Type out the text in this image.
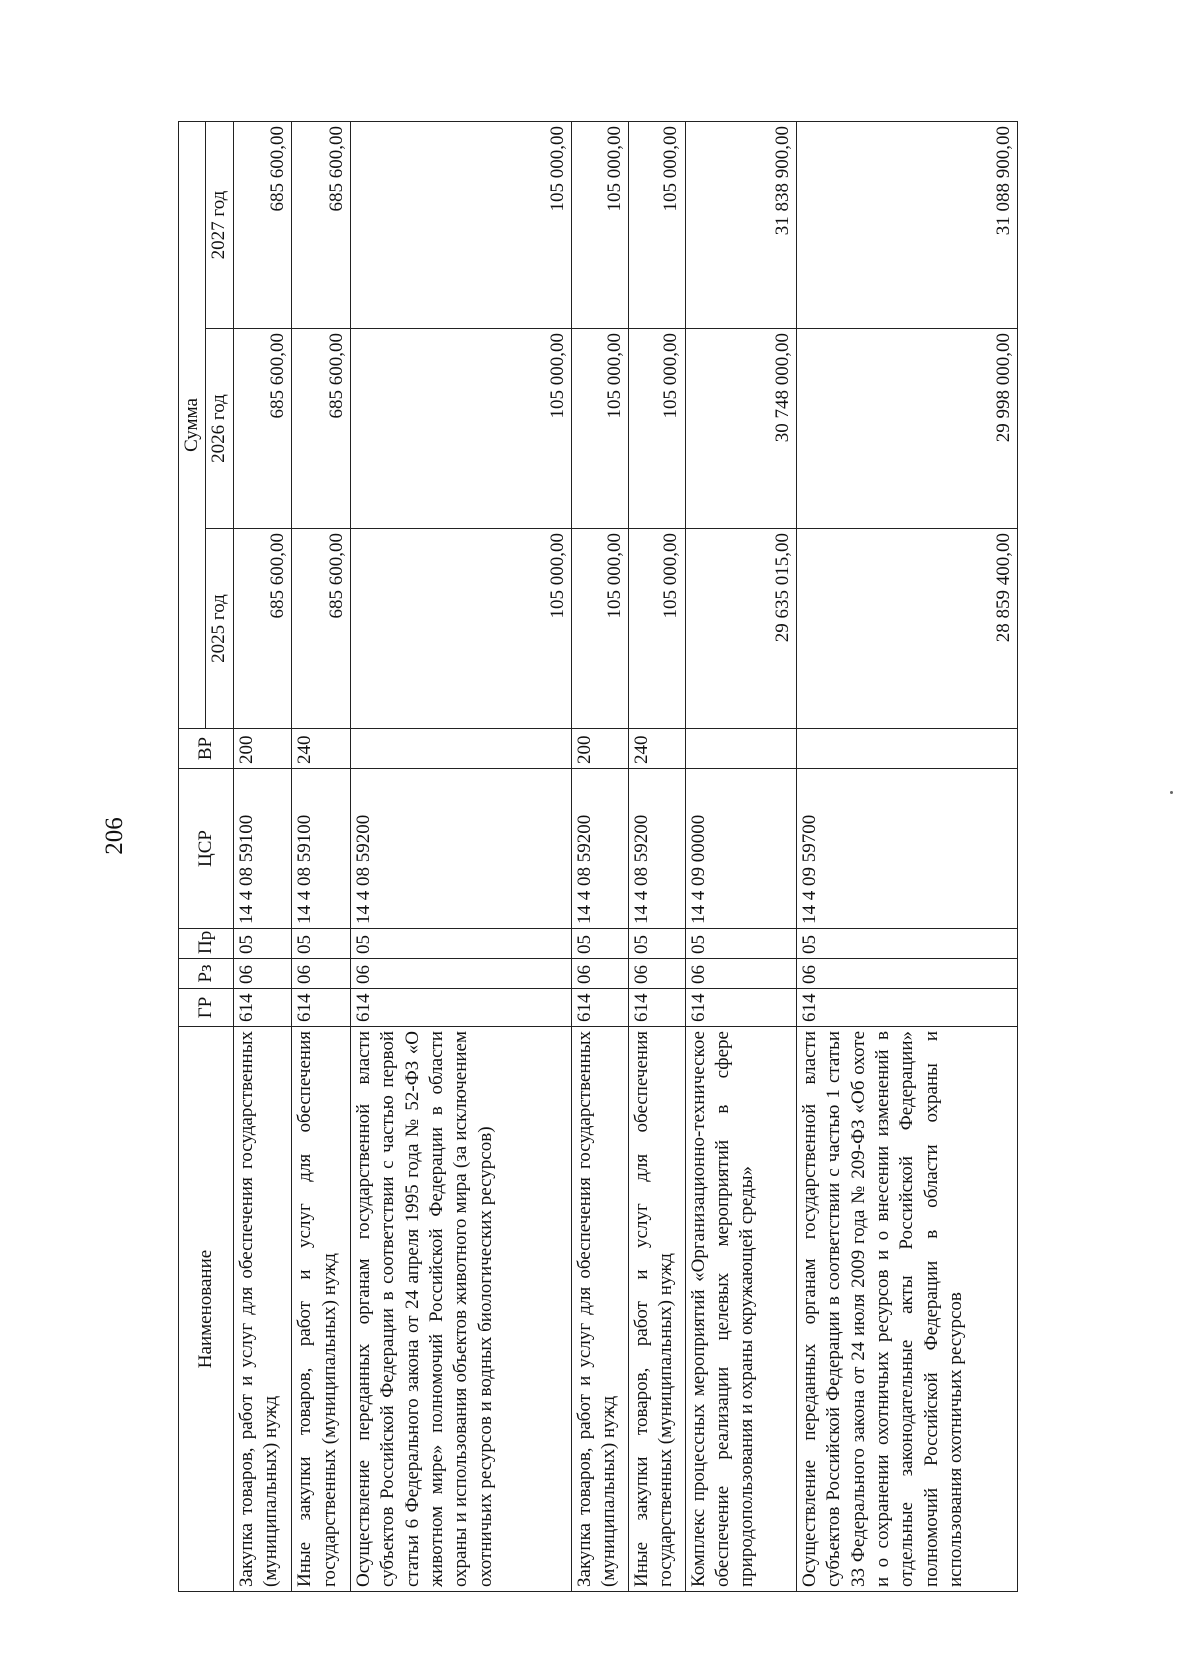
206
Наименование	ГР	Рз	Пр	ЦСР	ВР	Сумма		
						2025 год	2026 год	2027 год
Закупка товаров, работ и услуг для обеспечения государственных (муниципальных) нужд	614	06	05	14 4 08 59100	200	685 600,00	685 600,00	685 600,00
Иные закупки товаров, работ и услуг для обеспечения государственных (муниципальных) нужд	614	06	05	14 4 08 59100	240	685 600,00	685 600,00	685 600,00
Осуществление переданных органам государственной власти субъектов Российской Федерации в соответствии с частью первой статьи 6 Федерального закона от 24 апреля 1995 года № 52-ФЗ «О животном мире» полномочий Российской Федерации в области охраны и использования объектов животного мира (за исключением охотничьих ресурсов и водных биологических ресурсов)	614	06	05	14 4 08 59200		105 000,00	105 000,00	105 000,00
Закупка товаров, работ и услуг для обеспечения государственных (муниципальных) нужд	614	06	05	14 4 08 59200	200	105 000,00	105 000,00	105 000,00
Иные закупки товаров, работ и услуг для обеспечения государственных (муниципальных) нужд	614	06	05	14 4 08 59200	240	105 000,00	105 000,00	105 000,00
Комплекс процессных мероприятий «Организационно-техническое обеспечение реализации целевых мероприятий в сфере природопользования и охраны окружающей среды»	614	06	05	14 4 09 00000		29 635 015,00	30 748 000,00	31 838 900,00
Осуществление переданных органам государственной власти субъектов Российской Федерации в соответствии с частью 1 статьи 33 Федерального закона от 24 июля 2009 года № 209-ФЗ «Об охоте и о сохранении охотничьих ресурсов и о внесении изменений в отдельные законодательные акты Российской Федерации» полномочий Российской Федерации в области охраны и использования охотничьих ресурсов	614	06	05	14 4 09 59700		28 859 400,00	29 998 000,00	31 088 900,00
